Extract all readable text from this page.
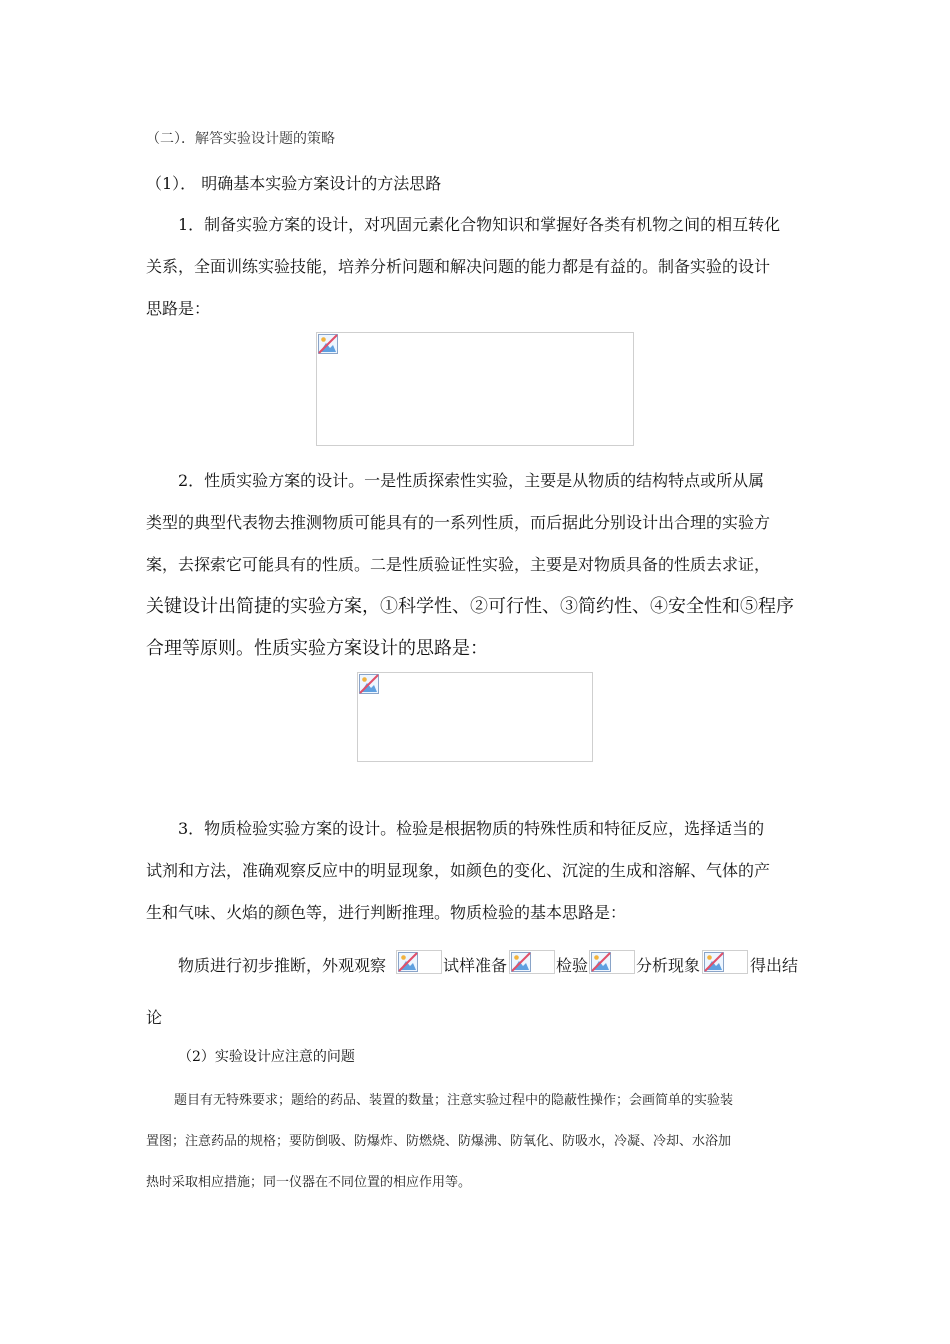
（二）．解答实验设计题的策略
（1）． 明确基本实验方案设计的方法思路
1．制备实验方案的设计，对巩固元素化合物知识和掌握好各类有机物之间的相互转化
关系，全面训练实验技能，培养分析问题和解决问题的能力都是有益的。制备实验的设计
思路是：
2．性质实验方案的设计。一是性质探索性实验，主要是从物质的结构特点或所从属
类型的典型代表物去推测物质可能具有的一系列性质，而后据此分别设计出合理的实验方
案，去探索它可能具有的性质。二是性质验证性实验，主要是对物质具备的性质去求证，
关键设计出简捷的实验方案，①科学性、②可行性、③简约性、④安全性和⑤程序
合理等原则。性质实验方案设计的思路是：
3．物质检验实验方案的设计。检验是根据物质的特殊性质和特征反应，选择适当的
试剂和方法，准确观察反应中的明显现象，如颜色的变化、沉淀的生成和溶解、气体的产
生和气味、火焰的颜色等，进行判断推理。物质检验的基本思路是：
物质进行初步推断，外观观察	试样准备	检验	分析现象	得出结
论
（2）实验设计应注意的问题
题目有无特殊要求；题给的药品、装置的数量；注意实验过程中的隐蔽性操作；会画简单的实验装
置图；注意药品的规格；要防倒吸、防爆炸、防燃烧、防爆沸、防氧化、防吸水，冷凝、冷却、水浴加
热时采取相应措施；同一仪器在不同位置的相应作用等。
